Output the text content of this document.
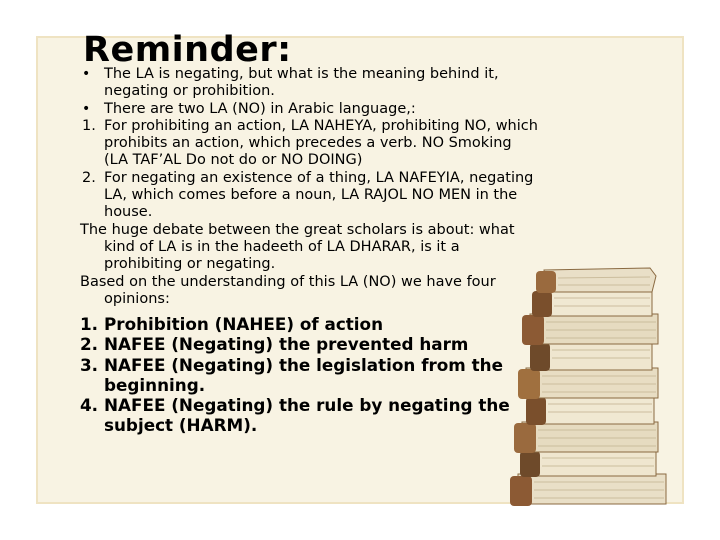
Reminder:

• The LA is negating, but what is the meaning behind it, negating or prohibition.

• There are two LA (NO) in Arabic language,:

1. For prohibiting an action, LA NAHEYA, prohibiting NO, which prohibits an action, which precedes a verb. NO Smoking (LA TAF’AL Do not do or NO DOING)

2. For negating an existence of a thing, LA NAFEYIA, negating LA, which comes before a noun, LA RAJOL NO MEN in the house.

The huge debate between the great scholars is about: what kind of LA is in the hadeeth of LA DHARAR, is it a prohibiting or negating.

Based on the understanding of this LA (NO) we have four opinions:

1. Prohibition (NAHEE) of action

2. NAFEE (Negating) the prevented harm

3. NAFEE (Negating) the legislation from the beginning.

4. NAFEE (Negating) the rule by negating the subject (HARM).
